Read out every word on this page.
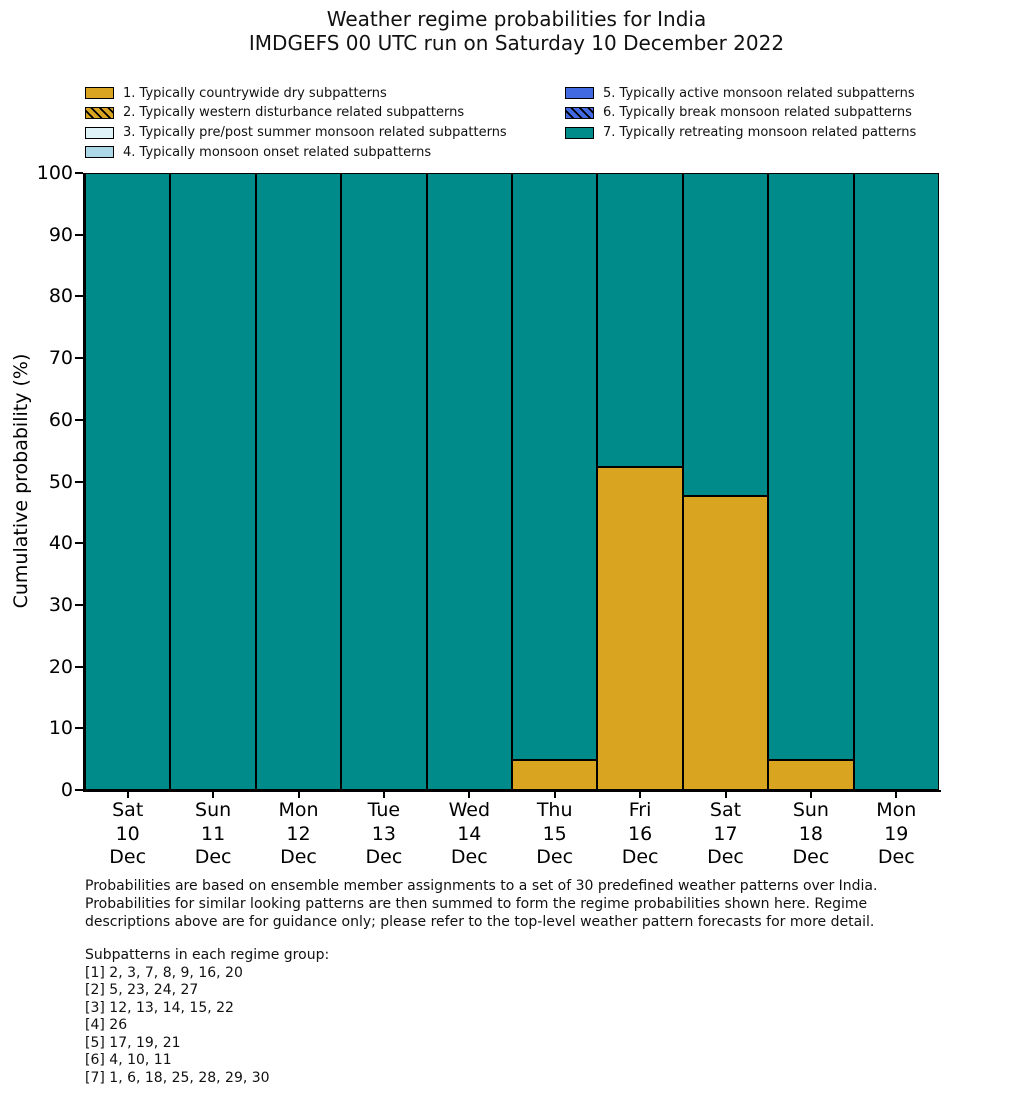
Weather regime probabilities for India
IMDGEFS 00 UTC run on Saturday 10 December 2022
1. Typically countrywide dry subpatterns
2. Typically western disturbance related subpatterns
3. Typically pre/post summer monsoon related subpatterns
4. Typically monsoon onset related subpatterns
5. Typically active monsoon related subpatterns
6. Typically break monsoon related subpatterns
7. Typically retreating monsoon related patterns
Cumulative probability (%)
0
10
20
30
40
50
60
70
80
90
100
Sat
10
Dec
Sun
11
Dec
Mon
12
Dec
Tue
13
Dec
Wed
14
Dec
Thu
15
Dec
Fri
16
Dec
Sat
17
Dec
Sun
18
Dec
Mon
19
Dec
Probabilities are based on ensemble member assignments to a set of 30 predefined weather patterns over India.
Probabilities for similar looking patterns are then summed to form the regime probabilities shown here. Regime
descriptions above are for guidance only; please refer to the top-level weather pattern forecasts for more detail.
Subpatterns in each regime group:
[1] 2, 3, 7, 8, 9, 16, 20
[2] 5, 23, 24, 27
[3] 12, 13, 14, 15, 22
[4] 26
[5] 17, 19, 21
[6] 4, 10, 11
[7] 1, 6, 18, 25, 28, 29, 30
